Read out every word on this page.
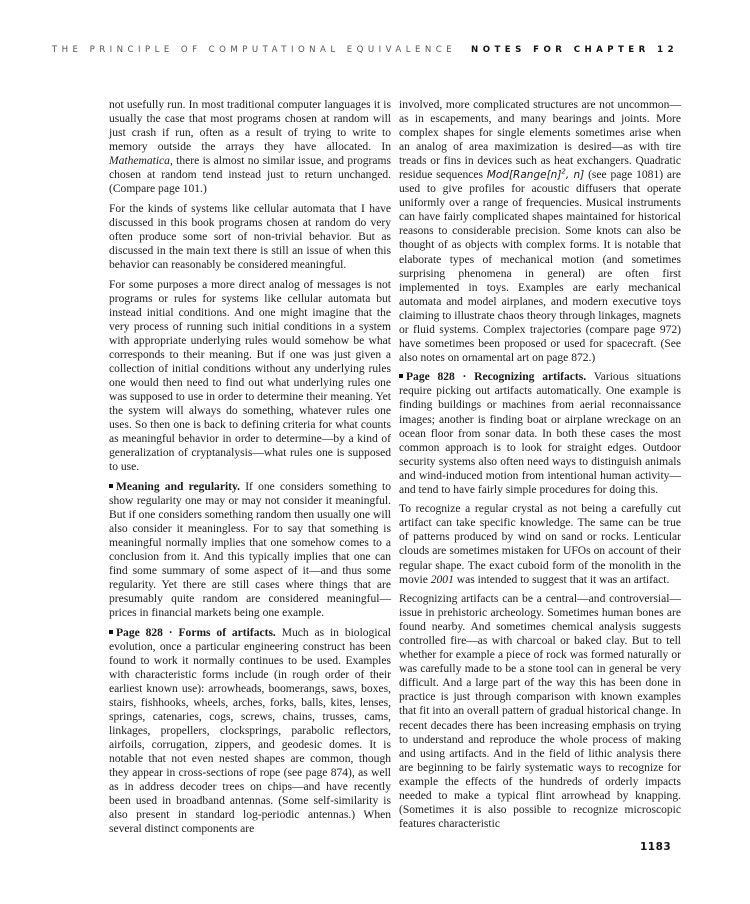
THE PRINCIPLE OF COMPUTATIONAL EQUIVALENCE NOTES FOR CHAPTER 12

not usefully run. In most traditional computer languages it is usually the case that most programs chosen at random will just crash if run, often as a result of trying to write to memory outside the arrays they have allocated. In Mathematica, there is almost no similar issue, and programs chosen at random tend instead just to return unchanged. (Compare page 101.)

For the kinds of systems like cellular automata that I have discussed in this book programs chosen at random do very often produce some sort of non-trivial behavior. But as discussed in the main text there is still an issue of when this behavior can reasonably be considered meaningful.

For some purposes a more direct analog of messages is not programs or rules for systems like cellular automata but instead initial conditions. And one might imagine that the very process of running such initial conditions in a system with appropriate underlying rules would somehow be what corresponds to their meaning. But if one was just given a collection of initial conditions without any underlying rules one would then need to find out what underlying rules one was supposed to use in order to determine their meaning. Yet the system will always do something, whatever rules one uses. So then one is back to defining criteria for what counts as meaningful behavior in order to determine—by a kind of generalization of cryptanalysis—what rules one is supposed to use.

Meaning and regularity. If one considers something to show regularity one may or may not consider it meaningful. But if one considers something random then usually one will also consider it meaningless. For to say that something is meaningful normally implies that one somehow comes to a conclusion from it. And this typically implies that one can find some summary of some aspect of it—and thus some regularity. Yet there are still cases where things that are presumably quite random are considered meaningful—prices in financial markets being one example.

Page 828 · Forms of artifacts. Much as in biological evolution, once a particular engineering construct has been found to work it normally continues to be used. Examples with characteristic forms include (in rough order of their earliest known use): arrowheads, boomerangs, saws, boxes, stairs, fishhooks, wheels, arches, forks, balls, kites, lenses, springs, catenaries, cogs, screws, chains, trusses, cams, linkages, propellers, clocksprings, parabolic reflectors, airfoils, corrugation, zippers, and geodesic domes. It is notable that not even nested shapes are common, though they appear in cross-sections of rope (see page 874), as well as in address decoder trees on chips—and have recently been used in broadband antennas. (Some self-similarity is also present in standard log-periodic antennas.) When several distinct components are

involved, more complicated structures are not uncommon—as in escapements, and many bearings and joints. More complex shapes for single elements sometimes arise when an analog of area maximization is desired—as with tire treads or fins in devices such as heat exchangers. Quadratic residue sequences $Mod[Range[n]^2$, n] (see page 1081) are used to give profiles for acoustic diffusers that operate uniformly over a range of frequencies. Musical instruments can have fairly complicated shapes maintained for historical reasons to considerable precision. Some knots can also be thought of as objects with complex forms. It is notable that elaborate types of mechanical motion (and sometimes surprising phenomena in general) are often first implemented in toys. Examples are early mechanical automata and model airplanes, and modern executive toys claiming to illustrate chaos theory through linkages, magnets or fluid systems. Complex trajectories (compare page 972) have sometimes been proposed or used for spacecraft. (See also notes on ornamental art on page 872.)

Page 828 · Recognizing artifacts. Various situations require picking out artifacts automatically. One example is finding buildings or machines from aerial reconnaissance images; another is finding boat or airplane wreckage on an ocean floor from sonar data. In both these cases the most common approach is to look for straight edges. Outdoor security systems also often need ways to distinguish animals and wind-induced motion from intentional human activity—and tend to have fairly simple procedures for doing this.

To recognize a regular crystal as not being a carefully cut artifact can take specific knowledge. The same can be true of patterns produced by wind on sand or rocks. Lenticular clouds are sometimes mistaken for UFOs on account of their regular shape. The exact cuboid form of the monolith in the movie 2001 was intended to suggest that it was an artifact.

Recognizing artifacts can be a central—and controversial—issue in prehistoric archeology. Sometimes human bones are found nearby. And sometimes chemical analysis suggests controlled fire—as with charcoal or baked clay. But to tell whether for example a piece of rock was formed naturally or was carefully made to be a stone tool can in general be very difficult. And a large part of the way this has been done in practice is just through comparison with known examples that fit into an overall pattern of gradual historical change. In recent decades there has been increasing emphasis on trying to understand and reproduce the whole process of making and using artifacts. And in the field of lithic analysis there are beginning to be fairly systematic ways to recognize for example the effects of the hundreds of orderly impacts needed to make a typical flint arrowhead by knapping. (Sometimes it is also possible to recognize microscopic features characteristic

1183
